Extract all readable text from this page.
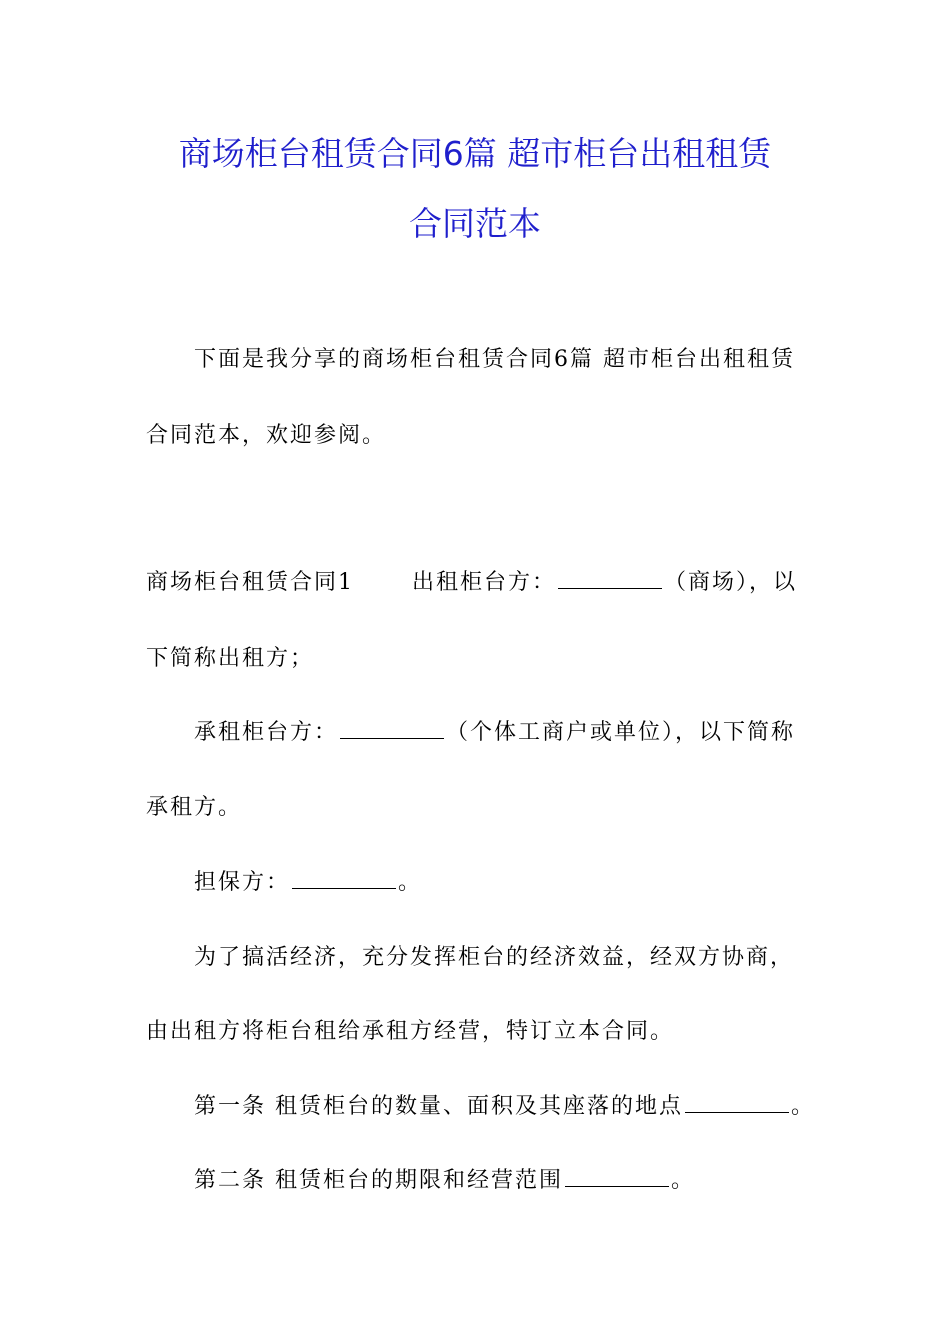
商场柜台租赁合同6篇 超市柜台出租租赁
合同范本

下面是我分享的商场柜台租赁合同6篇 超市柜台出租租赁

合同范本，欢迎参阅。

商场柜台租赁合同1	出租柜台方：	（商场），以

下简称出租方；

承租柜台方：	（个体工商户或单位），以下简称

承租方。

担保方：	。

为了搞活经济，充分发挥柜台的经济效益，经双方协商，

由出租方将柜台租给承租方经营，特订立本合同。

第一条 租赁柜台的数量、面积及其座落的地点	。

第二条 租赁柜台的期限和经营范围	。
